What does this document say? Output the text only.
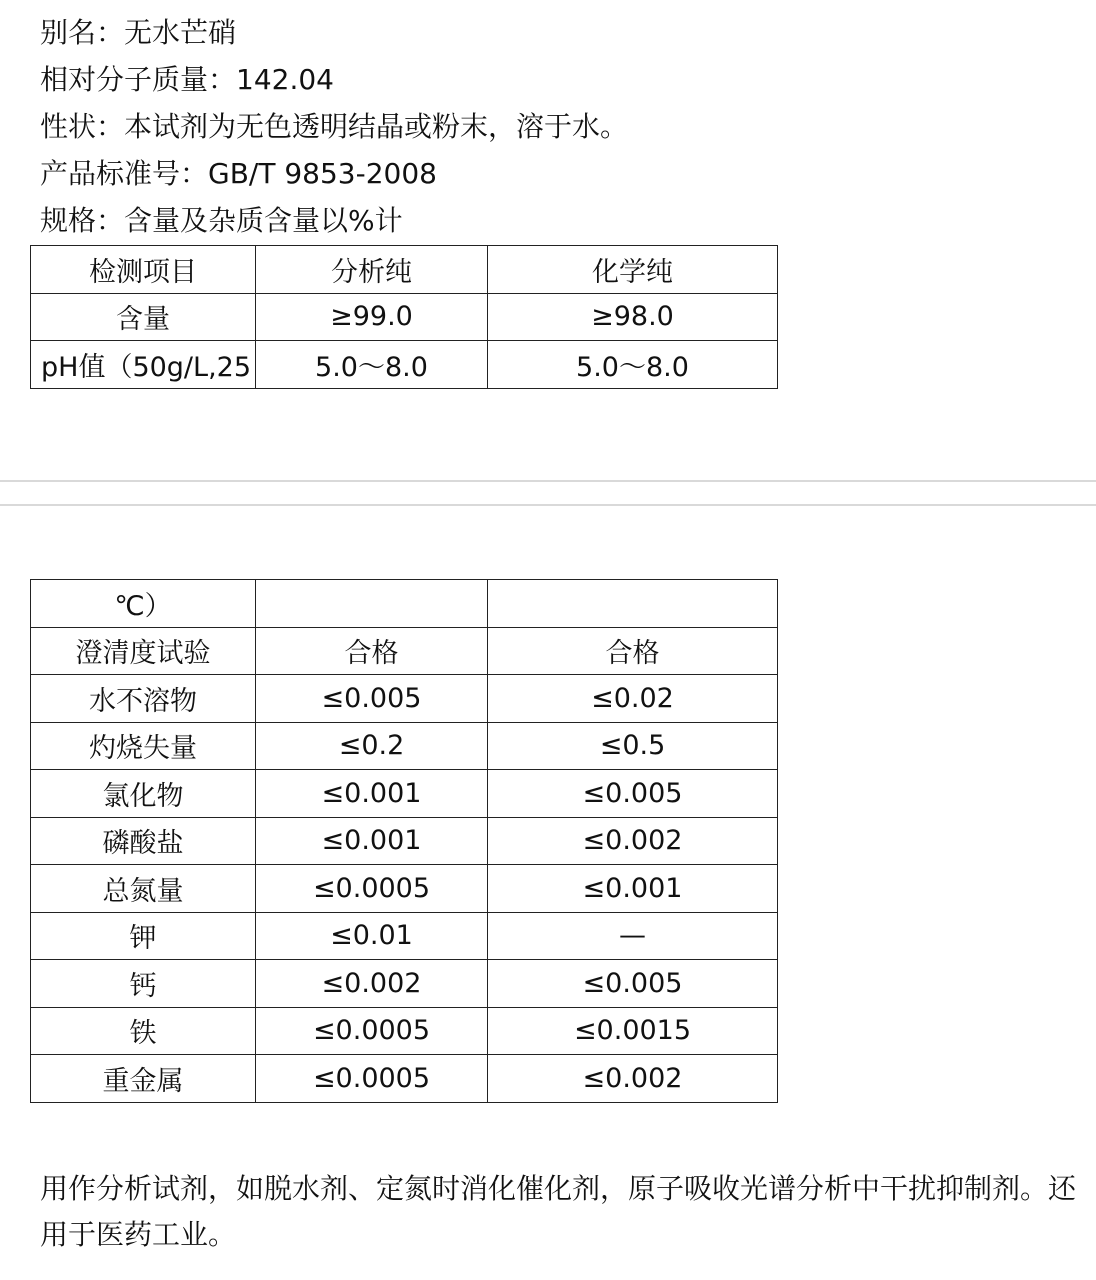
别名：无水芒硝
相对分子质量：142.04
性状：本试剂为无色透明结晶或粉末，溶于水。
产品标准号：GB/T 9853-2008
规格：含量及杂质含量以%计
检测项目	分析纯	化学纯
含量	≥99.0	≥98.0
pH值（50g/L,25	5.0～8.0	5.0～8.0
℃）		
澄清度试验	合格	合格
水不溶物	≤0.005	≤0.02
灼烧失量	≤0.2	≤0.5
氯化物	≤0.001	≤0.005
磷酸盐	≤0.001	≤0.002
总氮量	≤0.0005	≤0.001
钾	≤0.01	—
钙	≤0.002	≤0.005
铁	≤0.0005	≤0.0015
重金属	≤0.0005	≤0.002
用作分析试剂，如脱水剂、定氮时消化催化剂，原子吸收光谱分析中干扰抑制剂。还用于医药工业。
